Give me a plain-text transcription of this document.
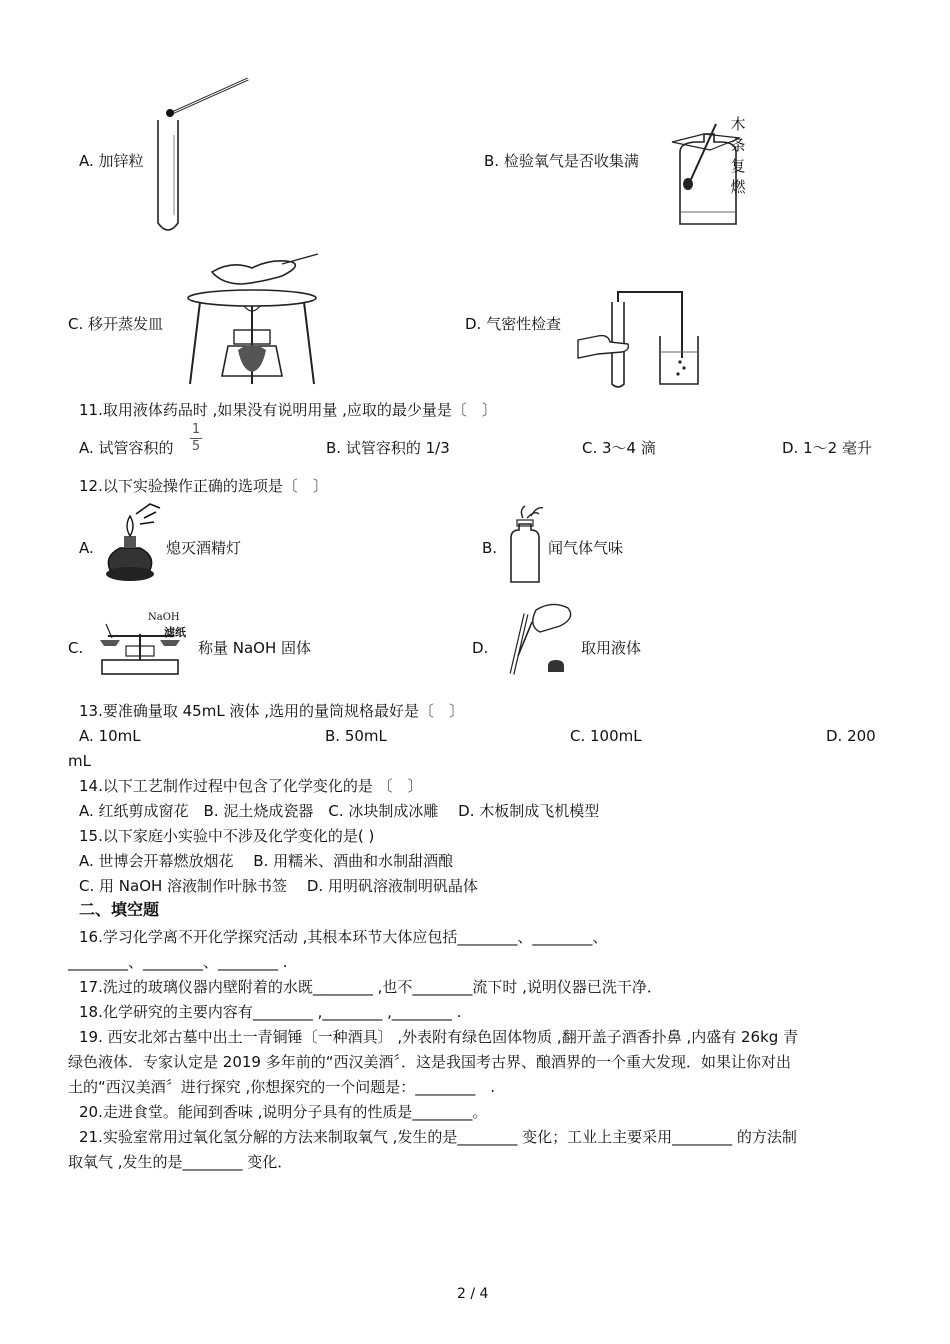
A. 加锌粒	B. 检验氧气是否收集满
木
条
复
燃
C. 移开蒸发皿	D. 气密性检查
11.取用液体药品时 ,如果没有说明用量 ,应取的最少量是〔　〕
A. 试管容积的
1
5	B. 试管容积的 1/3	C. 3～4 滴	D. 1～2 毫升
12.以下实验操作正确的选项是〔　〕
A.	熄灭酒精灯	B.	闻气体气味
C.
NaOH
滤纸
称量 NaOH 固体	D.	取用液体
13.要准确量取 45mL 液体 ,选用的量筒规格最好是〔　〕
A. 10mL	B. 50mL	C. 100mL	D. 200
mL
14.以下工艺制作过程中包含了化学变化的是 〔　〕
A. 红纸剪成窗花　B. 泥土烧成瓷器　C. 冰块制成冰雕　 D. 木板制成飞机模型
15.以下家庭小实验中不涉及化学变化的是( )
A. 世博会开幕燃放烟花　 B. 用糯米、酒曲和水制甜酒酿
C. 用 NaOH 溶液制作叶脉书签　 D. 用明矾溶液制明矾晶体
二、填空题
16.学习化学离不开化学探究活动 ,其根本环节大体应包括________、________、
________、________、________ .
17.洗过的玻璃仪器内壁附着的水既________ ,也不________流下时 ,说明仪器已洗干净．
18.化学研究的主要内容有________ ,________ ,________ .
19. 西安北郊古墓中出土一青铜锤〔一种酒具〕 ,外表附有绿色固体物质 ,翻开盖子酒香扑鼻 ,内盛有 26kg 青
绿色液体．专家认定是 2019 多年前的“西汉美酒〞．这是我国考古界、酿酒界的一个重大发现．如果让你对出
土的“西汉美酒〞进行探究 ,你想探究的一个问题是：________　.
20.走进食堂。能闻到香味 ,说明分子具有的性质是________。
21.实验室常用过氧化氢分解的方法来制取氧气 ,发生的是________ 变化；工业上主要采用________ 的方法制
取氧气 ,发生的是________ 变化．
2 / 4
